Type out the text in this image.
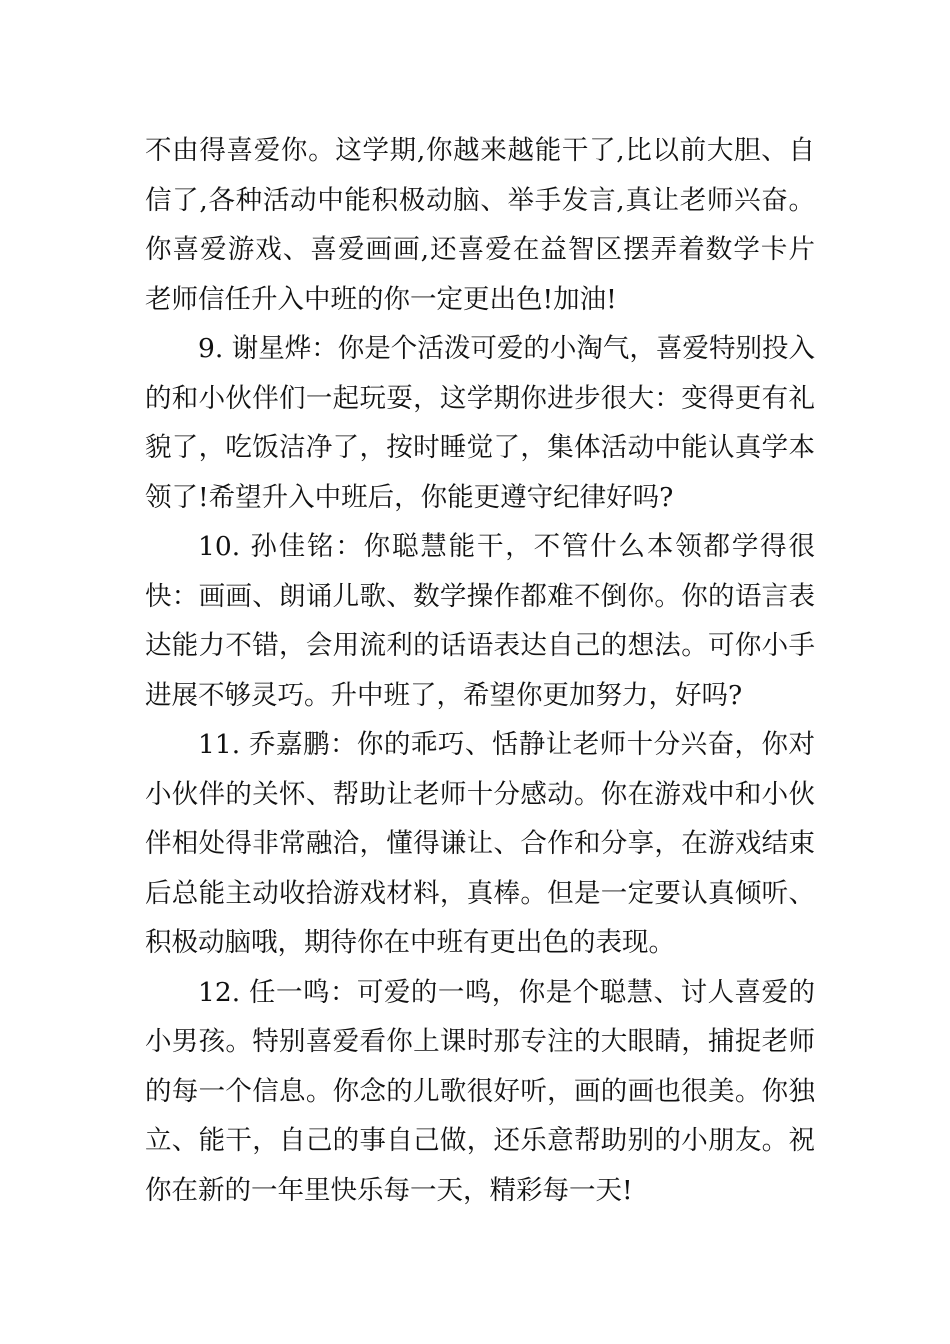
不由得喜爱你。这学期,你越来越能干了,比以前大胆、自信了,各种活动中能积极动脑、举手发言,真让老师兴奋。你喜爱游戏、喜爱画画,还喜爱在益智区摆弄着数学卡片老师信任升入中班的你一定更出色!加油!

9. 谢星烨：你是个活泼可爱的小淘气，喜爱特别投入的和小伙伴们一起玩耍，这学期你进步很大：变得更有礼貌了，吃饭洁净了，按时睡觉了，集体活动中能认真学本领了!希望升入中班后，你能更遵守纪律好吗?

10. 孙佳铭：你聪慧能干，不管什么本领都学得很快：画画、朗诵儿歌、数学操作都难不倒你。你的语言表达能力不错，会用流利的话语表达自己的想法。可你小手进展不够灵巧。升中班了，希望你更加努力，好吗?

11. 乔嘉鹏：你的乖巧、恬静让老师十分兴奋，你对小伙伴的关怀、帮助让老师十分感动。你在游戏中和小伙伴相处得非常融洽，懂得谦让、合作和分享，在游戏结束后总能主动收拾游戏材料，真棒。但是一定要认真倾听、积极动脑哦，期待你在中班有更出色的表现。

12. 任一鸣：可爱的一鸣，你是个聪慧、讨人喜爱的小男孩。特别喜爱看你上课时那专注的大眼睛，捕捉老师的每一个信息。你念的儿歌很好听，画的画也很美。你独立、能干，自己的事自己做，还乐意帮助别的小朋友。祝你在新的一年里快乐每一天，精彩每一天!
